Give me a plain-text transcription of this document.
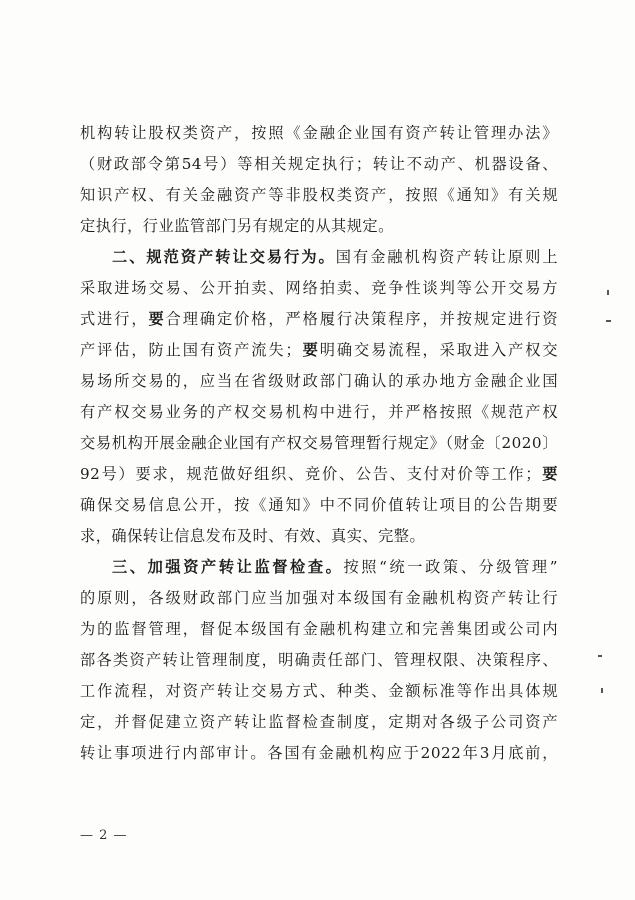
机构转让股权类资产，按照《金融企业国有资产转让管理办法》
（财政部令第54号）等相关规定执行；转让不动产、机器设备、
知识产权、有关金融资产等非股权类资产，按照《通知》有关规
定执行，行业监管部门另有规定的从其规定。
二、规范资产转让交易行为。国有金融机构资产转让原则上
采取进场交易、公开拍卖、网络拍卖、竞争性谈判等公开交易方
式进行，要合理确定价格，严格履行决策程序，并按规定进行资
产评估，防止国有资产流失；要明确交易流程，采取进入产权交
易场所交易的，应当在省级财政部门确认的承办地方金融企业国
有产权交易业务的产权交易机构中进行，并严格按照《规范产权
交易机构开展金融企业国有产权交易管理暂行规定》（财金〔2020〕
92号）要求，规范做好组织、竞价、公告、支付对价等工作；要
确保交易信息公开，按《通知》中不同价值转让项目的公告期要
求，确保转让信息发布及时、有效、真实、完整。
三、加强资产转让监督检查。按照“统一政策、分级管理”
的原则，各级财政部门应当加强对本级国有金融机构资产转让行
为的监督管理，督促本级国有金融机构建立和完善集团或公司内
部各类资产转让管理制度，明确责任部门、管理权限、决策程序、
工作流程，对资产转让交易方式、种类、金额标准等作出具体规
定，并督促建立资产转让监督检查制度，定期对各级子公司资产
转让事项进行内部审计。各国有金融机构应于2022年3月底前，
— 2 —
